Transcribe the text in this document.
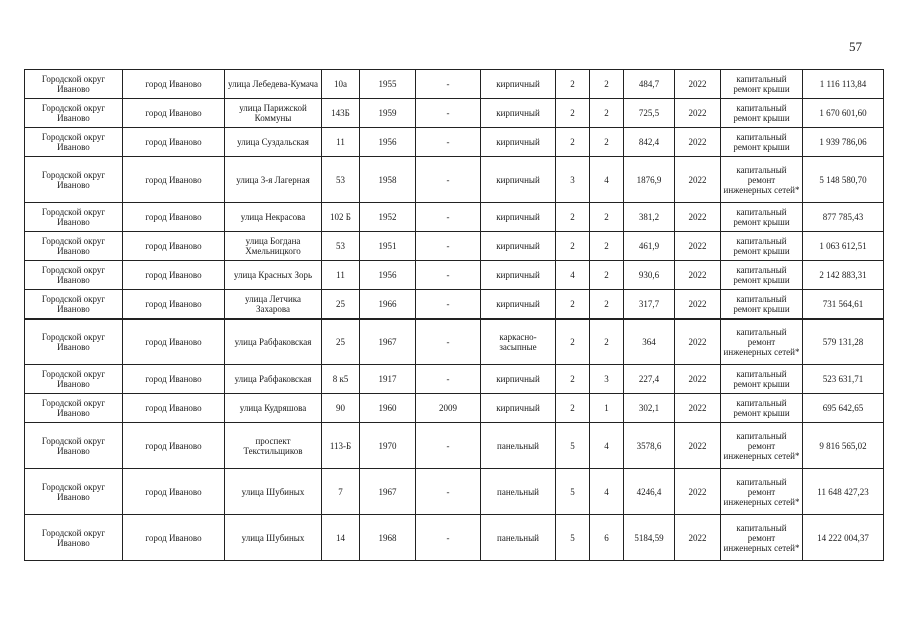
57
Городской округ Иваново	город Иваново	улица Лебедева-Кумача	10а	1955	-	кирпичный	2	2	484,7	2022	капитальный ремонт крыши	1 116 113,84
Городской округ Иваново	город Иваново	улица Парижской Коммуны	143Б	1959	-	кирпичный	2	2	725,5	2022	капитальный ремонт крыши	1 670 601,60
Городской округ Иваново	город Иваново	улица Суздальская	11	1956	-	кирпичный	2	2	842,4	2022	капитальный ремонт крыши	1 939 786,06
Городской округ Иваново	город Иваново	улица 3-я Лагерная	53	1958	-	кирпичный	3	4	1876,9	2022	капитальный ремонт инженерных сетей*	5 148 580,70
Городской округ Иваново	город Иваново	улица Некрасова	102 Б	1952	-	кирпичный	2	2	381,2	2022	капитальный ремонт крыши	877 785,43
Городской округ Иваново	город Иваново	улица Богдана Хмельницкого	53	1951	-	кирпичный	2	2	461,9	2022	капитальный ремонт крыши	1 063 612,51
Городской округ Иваново	город Иваново	улица Красных Зорь	11	1956	-	кирпичный	4	2	930,6	2022	капитальный ремонт крыши	2 142 883,31
Городской округ Иваново	город Иваново	улица Летчика Захарова	25	1966	-	кирпичный	2	2	317,7	2022	капитальный ремонт крыши	731 564,61
Городской округ Иваново	город Иваново	улица Рабфаковская	25	1967	-	каркасно-засыпные	2	2	364	2022	капитальный ремонт инженерных сетей*	579 131,28
Городской округ Иваново	город Иваново	улица Рабфаковская	8 к5	1917	-	кирпичный	2	3	227,4	2022	капитальный ремонт крыши	523 631,71
Городской округ Иваново	город Иваново	улица Кудряшова	90	1960	2009	кирпичный	2	1	302,1	2022	капитальный ремонт крыши	695 642,65
Городской округ Иваново	город Иваново	проспект Текстильщиков	113-Б	1970	-	панельный	5	4	3578,6	2022	капитальный ремонт инженерных сетей*	9 816 565,02
Городской округ Иваново	город Иваново	улица Шубиных	7	1967	-	панельный	5	4	4246,4	2022	капитальный ремонт инженерных сетей*	11 648 427,23
Городской округ Иваново	город Иваново	улица Шубиных	14	1968	-	панельный	5	6	5184,59	2022	капитальный ремонт инженерных сетей*	14 222 004,37
